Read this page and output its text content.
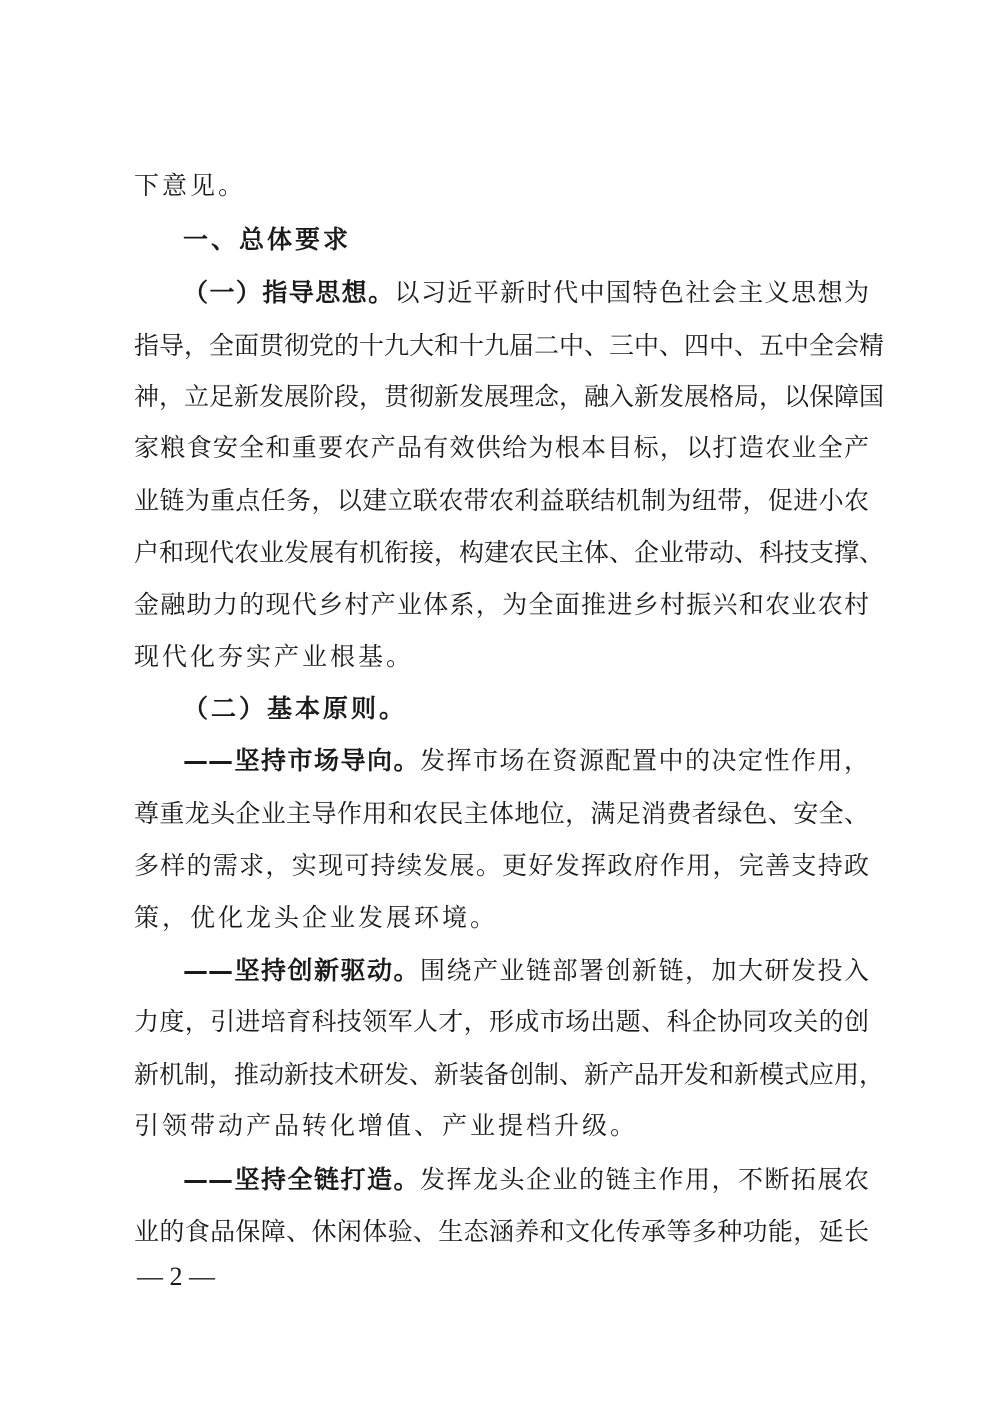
下意见。
一、总体要求
（一）指导思想。以习近平新时代中国特色社会主义思想为
指导，全面贯彻党的十九大和十九届二中、三中、四中、五中全会精
神，立足新发展阶段，贯彻新发展理念，融入新发展格局，以保障国
家粮食安全和重要农产品有效供给为根本目标，以打造农业全产
业链为重点任务，以建立联农带农利益联结机制为纽带，促进小农
户和现代农业发展有机衔接，构建农民主体、企业带动、科技支撑、
金融助力的现代乡村产业体系，为全面推进乡村振兴和农业农村
现代化夯实产业根基。
（二）基本原则。
——坚持市场导向。发挥市场在资源配置中的决定性作用，
尊重龙头企业主导作用和农民主体地位，满足消费者绿色、安全、
多样的需求，实现可持续发展。更好发挥政府作用，完善支持政
策，优化龙头企业发展环境。
——坚持创新驱动。围绕产业链部署创新链，加大研发投入
力度，引进培育科技领军人才，形成市场出题、科企协同攻关的创
新机制，推动新技术研发、新装备创制、新产品开发和新模式应用，
引领带动产品转化增值、产业提档升级。
——坚持全链打造。发挥龙头企业的链主作用，不断拓展农
业的食品保障、休闲体验、生态涵养和文化传承等多种功能，延长
— 2 —
